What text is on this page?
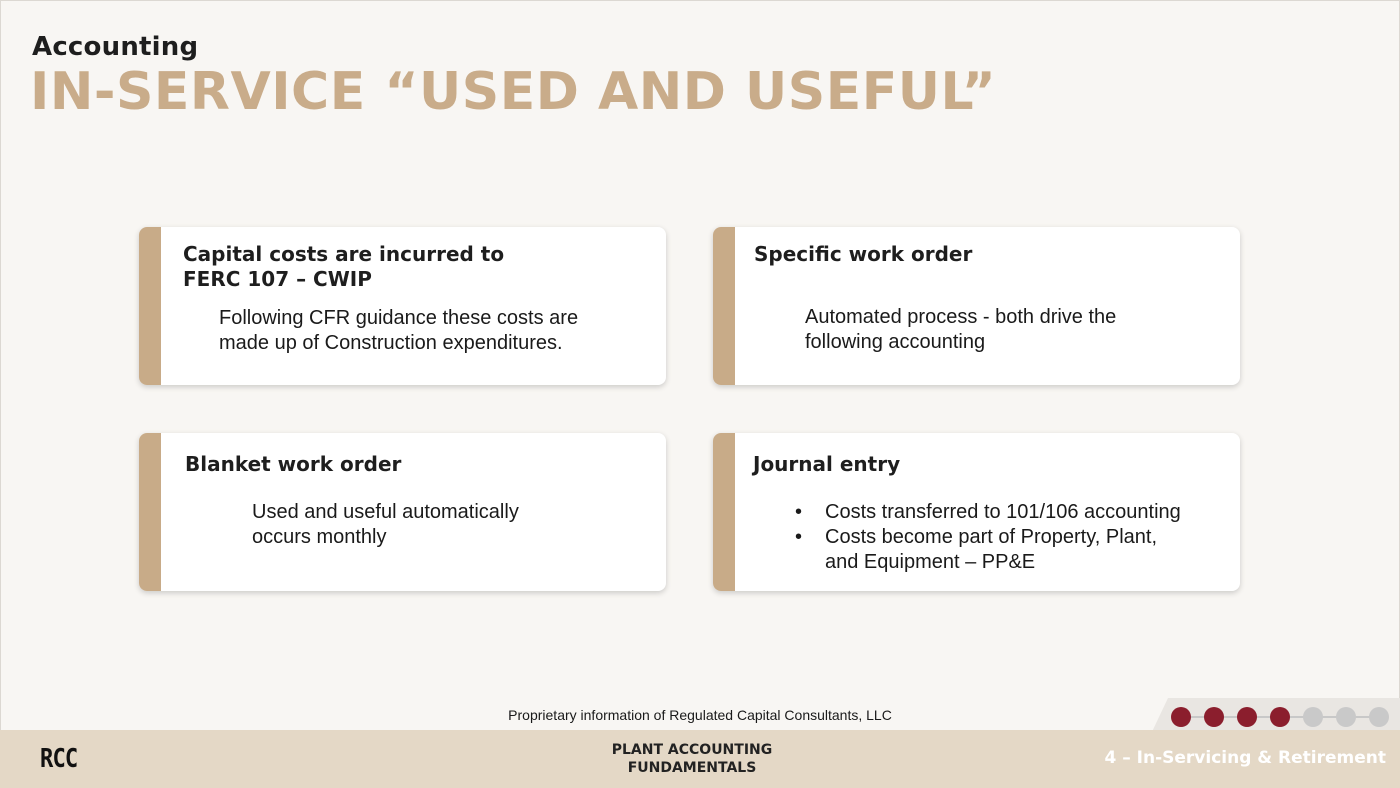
Accounting
IN-SERVICE “USED AND USEFUL”
Capital costs are incurred to
FERC 107 – CWIP
Following CFR guidance these costs are
made up of Construction expenditures.
Specific work order
Automated process - both drive the
following accounting
Blanket work order
Used and useful automatically
occurs monthly
Journal entry
• Costs transferred to 101/106 accounting
• Costs become part of Property, Plant,
and Equipment – PP&E
Proprietary information of Regulated Capital Consultants, LLC
RCC	PLANT ACCOUNTING
FUNDAMENTALS	4 – In-Servicing & Retirement
